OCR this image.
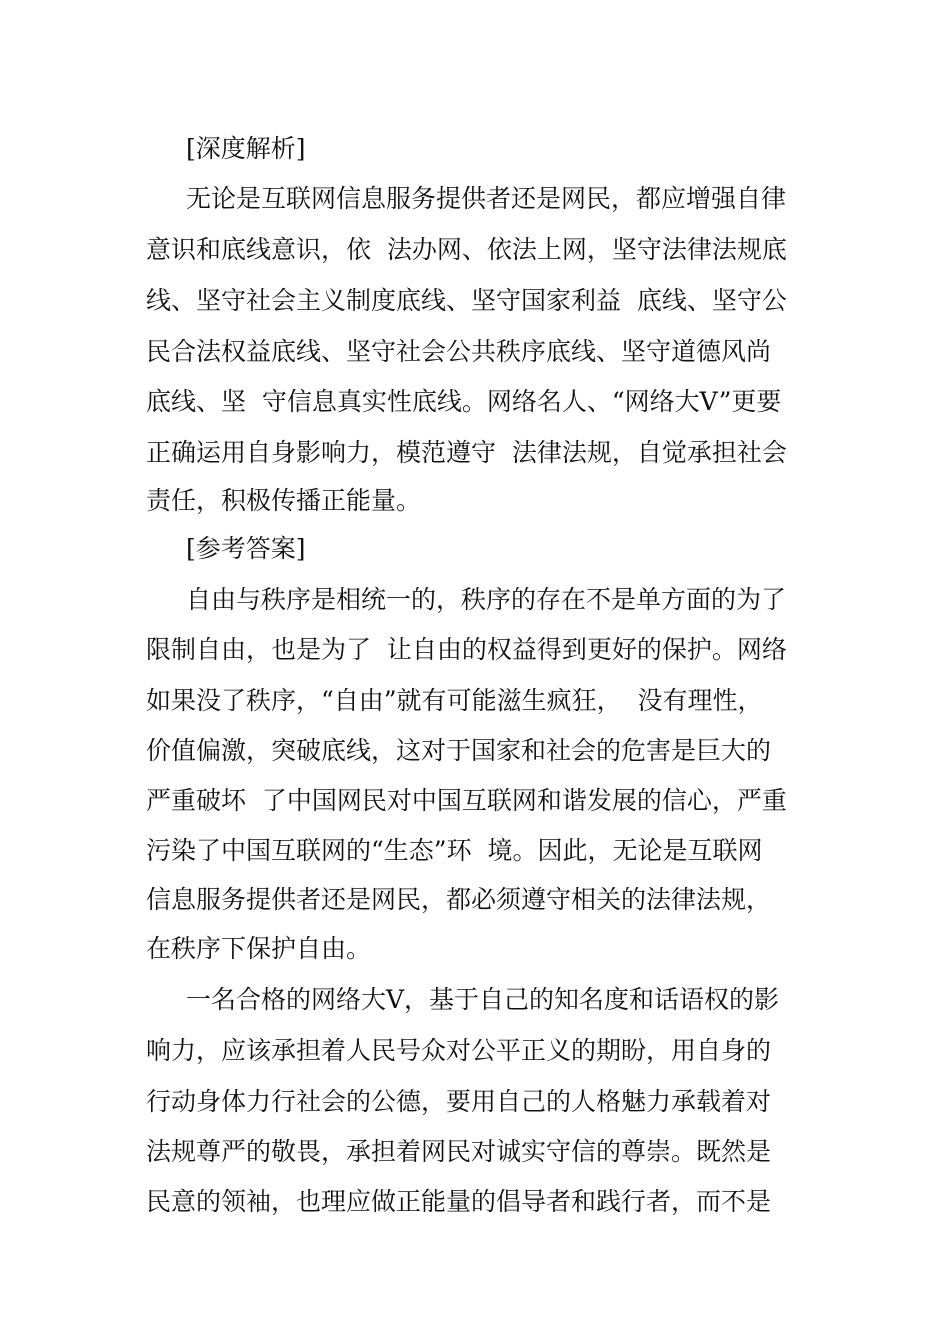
[深度解析]
无论是互联网信息服务提供者还是网民，都应增强自律
意识和底线意识，依  法办网、依法上网，坚守法律法规底
线、坚守社会主义制度底线、坚守国家利益  底线、坚守公
民合法权益底线、坚守社会公共秩序底线、坚守道德风尚
底线、坚  守信息真实性底线。网络名人、“网络大V”更要
正确运用自身影响力，模范遵守  法律法规，自觉承担社会
责任，积极传播正能量。
[参考答案]
自由与秩序是相统一的，秩序的存在不是单方面的为了
限制自由，也是为了  让自由的权益得到更好的保护。网络
如果没了秩序，“自由”就有可能滋生疯狂，  没有理性，
价值偏激，突破底线，这对于国家和社会的危害是巨大的
严重破坏  了中国网民对中国互联网和谐发展的信心，严重
污染了中国互联网的“生态”环  境。因此，无论是互联网
信息服务提供者还是网民，都必须遵守相关的法律法规，
在秩序下保护自由。
一名合格的网络大V，基于自己的知名度和话语权的影
响力，应该承担着人民号众对公平正义的期盼，用自身的
行动身体力行社会的公德，要用自己的人格魅力承载着对
法规尊严的敬畏，承担着网民对诚实守信的尊崇。既然是
民意的领袖，也理应做正能量的倡导者和践行者，而不是
